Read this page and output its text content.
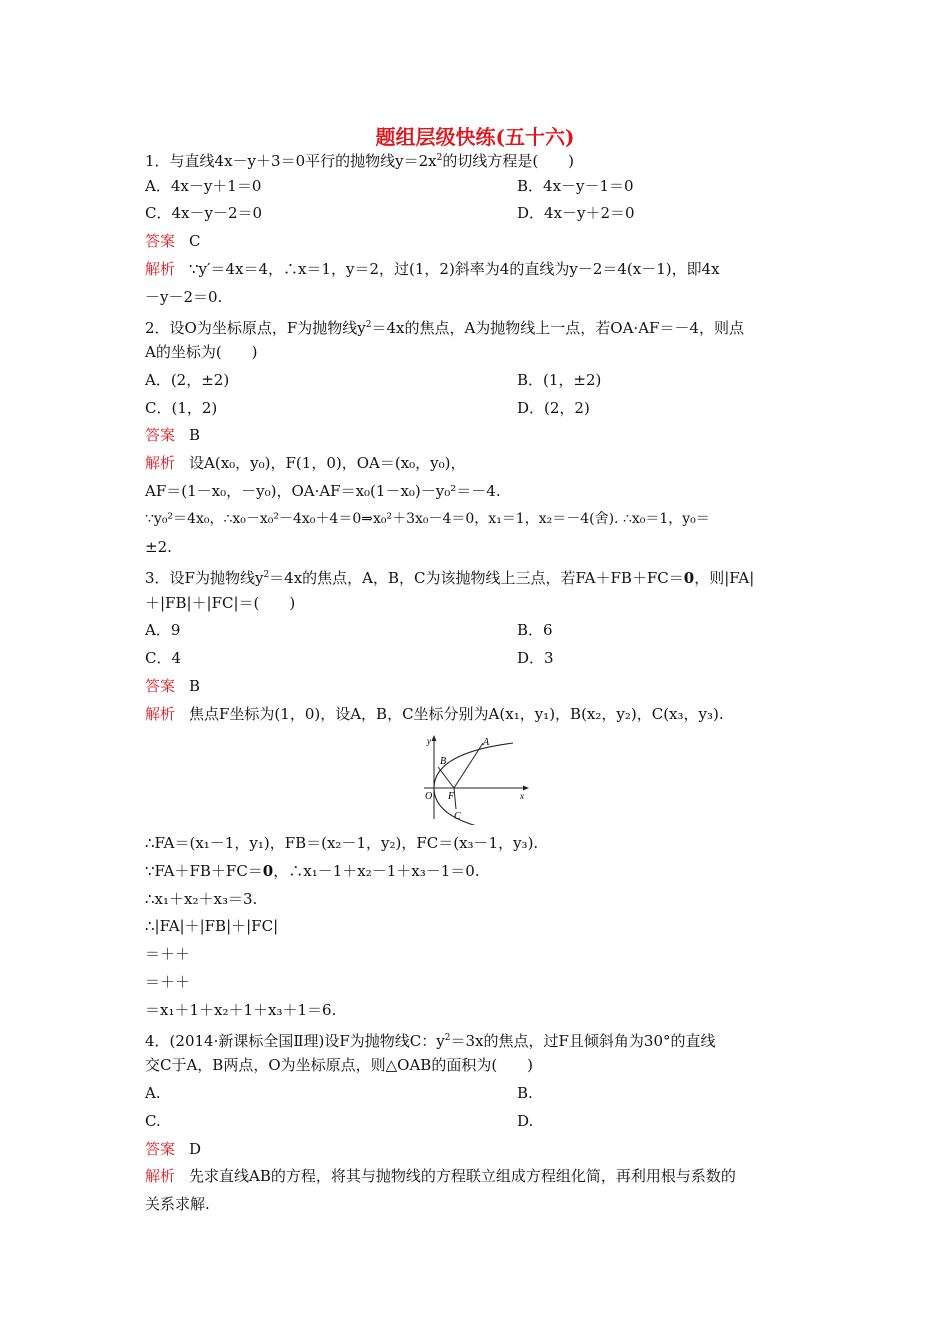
题组层级快练(五十六)
1．与直线4x－y＋3＝0平行的抛物线$y=2x^2$的切线方程是(　　)
A．4x－y＋1＝0	B．4x－y－1＝0
C．4x－y－2＝0	D．4x－y＋2＝0
答案 C
解析 ∵y′＝4x＝4，∴x＝1，y＝2，过(1，2)斜率为4的直线为y－2＝4(x－1)，即4x
－y－2＝0.
2．设O为坐标原点，F为抛物线$y^2=4x$的焦点，A为抛物线上一点，若OA·AF＝－4，则点
A的坐标为(　　)
A．(2，±2)	B．(1，±2)
C．(1，2)	D．(2，2)
答案 B
解析 设A(x₀，y₀)，F(1，0)，OA＝(x₀，y₀)，
AF＝(1－x₀，－y₀)，OA·AF＝x₀(1－x₀)－y₀²＝－4.
∵y₀²＝4x₀，∴x₀－x₀²－4x₀＋4＝0⇒x₀²＋3x₀－4＝0，x₁＝1，x₂＝－4(舍). ∴x₀＝1，y₀＝
±2.
3．设F为抛物线$y^2=4x$的焦点，A，B，C为该抛物线上三点，若FA＋FB＋FC＝0，则|FA|
＋|FB|＋|FC|＝(　　)
A．9	B．6
C．4	D．3
答案 B
解析 焦点F坐标为(1，0)，设A，B，C坐标分别为A(x₁，y₁)，B(x₂，y₂)，C(x₃，y₃).
y
x
O F
A
B
C
∴FA＝(x₁－1，y₁)，FB＝(x₂－1，y₂)，FC＝(x₃－1，y₃).
∵FA＋FB＋FC＝0，∴x₁－1＋x₂－1＋x₃－1＝0.
∴x₁＋x₂＋x₃＝3.
∴|FA|＋|FB|＋|FC|
＝＋＋
＝＋＋
＝x₁＋1＋x₂＋1＋x₃＋1＝6.
4．(2014·新课标全国Ⅱ理)设F为抛物线C：$y^2=3x$的焦点，过F且倾斜角为30°的直线
交C于A，B两点，O为坐标原点，则△OAB的面积为(　　)
A.	B.
C.	D.
答案 D
解析 先求直线AB的方程，将其与抛物线的方程联立组成方程组化简，再利用根与系数的
关系求解.
